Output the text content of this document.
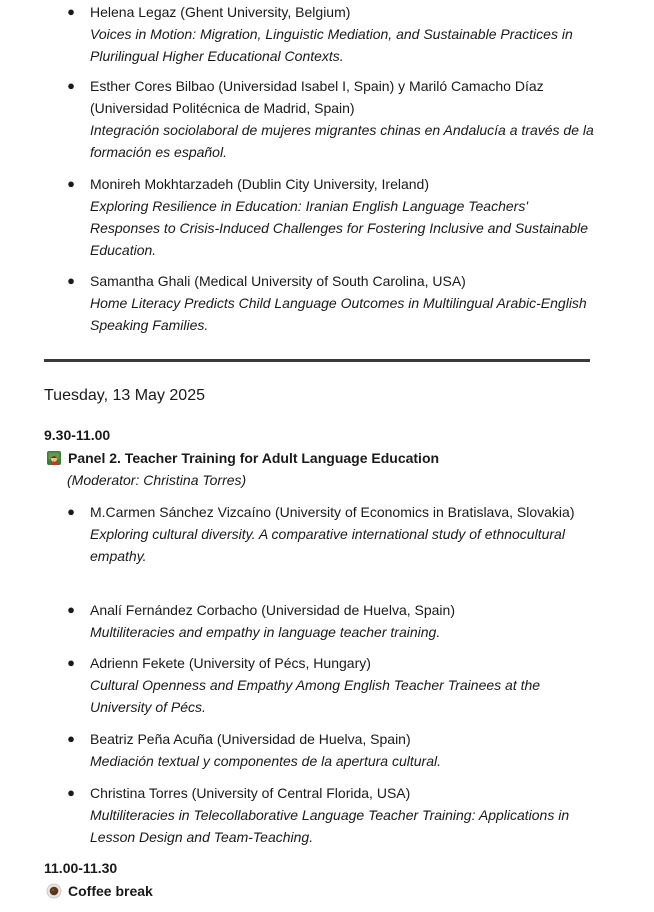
● Helena Legaz (Ghent University, Belgium)
Voices in Motion: Migration, Linguistic Mediation, and Sustainable Practices in Plurilingual Higher Educational Contexts.
● Esther Cores Bilbao (Universidad Isabel I, Spain) y Mariló Camacho Díaz (Universidad Politécnica de Madrid, Spain)
Integración sociolaboral de mujeres migrantes chinas en Andalucía a través de la formación es español.
● Monireh Mokhtarzadeh (Dublin City University, Ireland)
Exploring Resilience in Education: Iranian English Language Teachers' Responses to Crisis-Induced Challenges for Fostering Inclusive and Sustainable Education.
● Samantha Ghali (Medical University of South Carolina, USA)
Home Literacy Predicts Child Language Outcomes in Multilingual Arabic-English Speaking Families.
Tuesday, 13 May 2025
9.30-11.00
Panel 2. Teacher Training for Adult Language Education
(Moderator: Christina Torres)
● M.Carmen Sánchez Vizcaíno (University of Economics in Bratislava, Slovakia)
Exploring cultural diversity. A comparative international study of ethnocultural empathy.
● Analí Fernández Corbacho (Universidad de Huelva, Spain)
Multiliteracies and empathy in language teacher training.
● Adrienn Fekete (University of Pécs, Hungary)
Cultural Openness and Empathy Among English Teacher Trainees at the University of Pécs.
● Beatriz Peña Acuña (Universidad de Huelva, Spain)
Mediación textual y componentes de la apertura cultural.
● Christina Torres (University of Central Florida, USA)
Multiliteracies in Telecollaborative Language Teacher Training: Applications in Lesson Design and Team-Teaching.
11.00-11.30
Coffee break
